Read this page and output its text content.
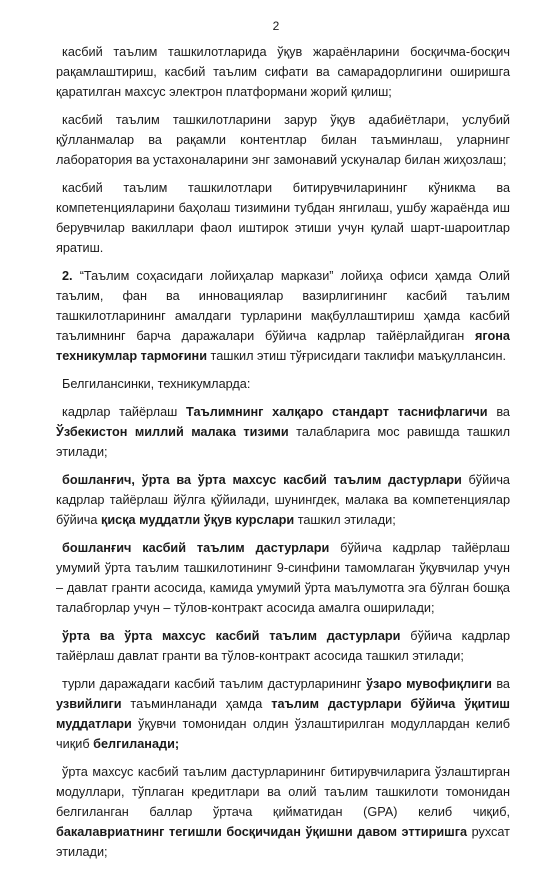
2

касбий таълим ташкилотларида ўқув жараёнларини босқичма-босқич рақамлаштириш, касбий таълим сифати ва самарадорлигини оширишга қаратилган махсус электрон платформани жорий қилиш;

касбий таълим ташкилотларини зарур ўқув адабиётлари, услубий қўлланмалар ва рақамли контентлар билан таъминлаш, уларнинг лаборатория ва устахоналарини энг замонавий ускуналар билан жиҳозлаш;

касбий таълим ташкилотлари битирувчиларининг кўникма ва компетенцияларини баҳолаш тизимини тубдан янгилаш, ушбу жараёнда иш берувчилар вакиллари фаол иштирок этиши учун қулай шарт-шароитлар яратиш.

2. “Таълим соҳасидаги лойиҳалар маркази” лойиҳа офиси ҳамда Олий таълим, фан ва инновациялар вазирлигининг касбий таълим ташкилотларининг амалдаги турларини мақбуллаштириш ҳамда касбий таълимнинг барча даражалари бўйича кадрлар тайёрлайдиган ягона техникумлар тармоғини ташкил этиш тўғрисидаги таклифи маъқуллансин.

Белгилансинки, техникумларда:

кадрлар тайёрлаш Таълимнинг халқаро стандарт таснифлагичи ва Ўзбекистон миллий малака тизими талабларига мос равишда ташкил этилади;

бошланғич, ўрта ва ўрта махсус касбий таълим дастурлари бўйича кадрлар тайёрлаш йўлга қўйилади, шунингдек, малака ва компетенциялар бўйича қисқа муддатли ўқув курслари ташкил этилади;

бошланғич касбий таълим дастурлари бўйича кадрлар тайёрлаш умумий ўрта таълим ташкилотининг 9-синфини тамомлаган ўқувчилар учун – давлат гранти асосида, камида умумий ўрта маълумотга эга бўлган бошқа талабгорлар учун – тўлов-контракт асосида амалга оширилади;

ўрта ва ўрта махсус касбий таълим дастурлари бўйича кадрлар тайёрлаш давлат гранти ва тўлов-контракт асосида ташкил этилади;

турли даражадаги касбий таълим дастурларининг ўзаро мувофиқлиги ва узвийлиги таъминланади ҳамда таълим дастурлари бўйича ўқитиш муддатлари ўқувчи томонидан олдин ўзлаштирилган модуллардан келиб чиқиб белгиланади;

ўрта махсус касбий таълим дастурларининг битирувчиларига ўзлаштирган модуллари, тўплаган кредитлари ва олий таълим ташкилоти томонидан белгиланган баллар ўртача қийматидан (GPA) келиб чиқиб, бакалавриатнинг тегишли босқичидан ўқишни давом эттиришга рухсат этилади;
